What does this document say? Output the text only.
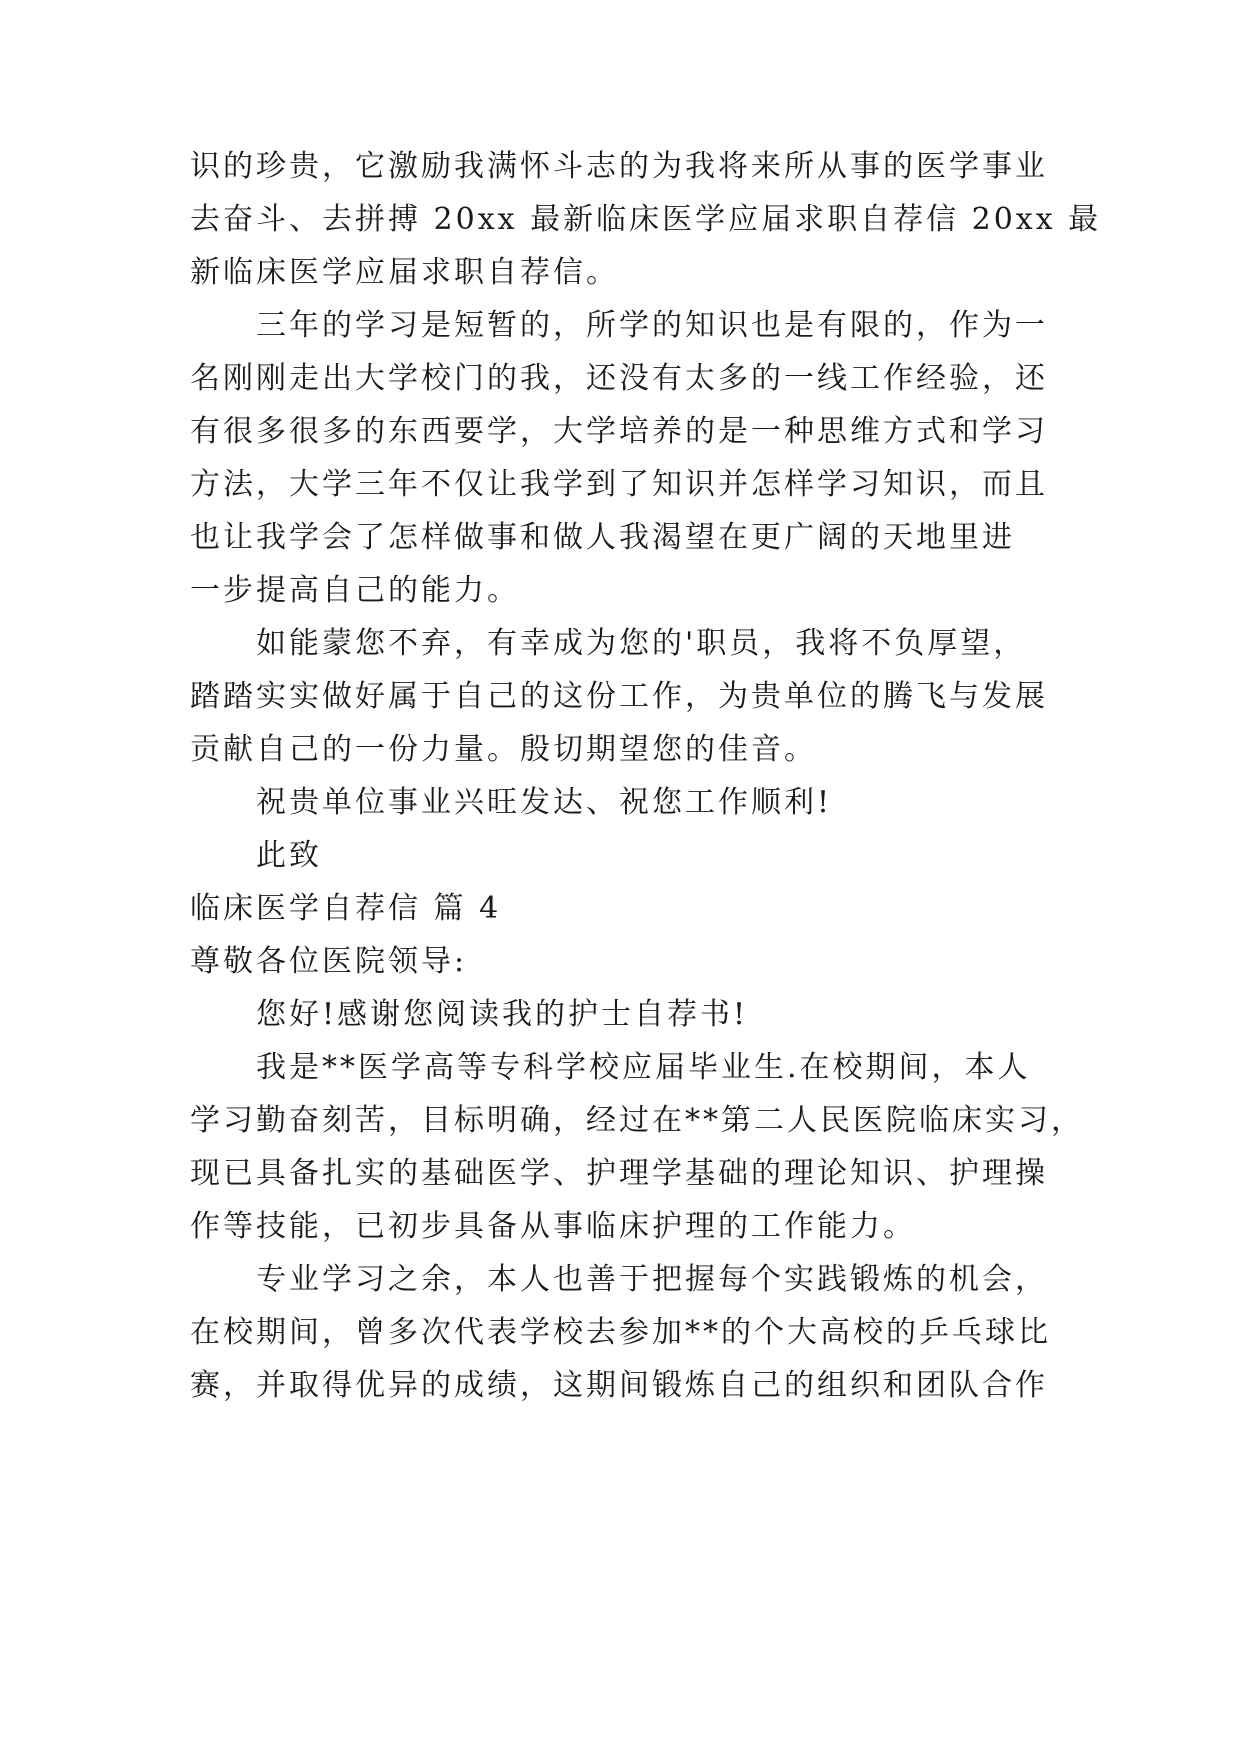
识的珍贵，它激励我满怀斗志的为我将来所从事的医学事业
去奋斗、去拼搏 20xx 最新临床医学应届求职自荐信 20xx 最
新临床医学应届求职自荐信。
三年的学习是短暂的，所学的知识也是有限的，作为一
名刚刚走出大学校门的我，还没有太多的一线工作经验，还
有很多很多的东西要学，大学培养的是一种思维方式和学习
方法，大学三年不仅让我学到了知识并怎样学习知识，而且
也让我学会了怎样做事和做人我渴望在更广阔的天地里进
一步提高自己的能力。
如能蒙您不弃，有幸成为您的'职员，我将不负厚望，
踏踏实实做好属于自己的这份工作，为贵单位的腾飞与发展
贡献自己的一份力量。殷切期望您的佳音。
祝贵单位事业兴旺发达、祝您工作顺利!
此致
临床医学自荐信 篇 4
尊敬各位医院领导:
您好!感谢您阅读我的护士自荐书!
我是**医学高等专科学校应届毕业生.在校期间，本人
学习勤奋刻苦，目标明确，经过在**第二人民医院临床实习，
现已具备扎实的基础医学、护理学基础的理论知识、护理操
作等技能，已初步具备从事临床护理的工作能力。
专业学习之余，本人也善于把握每个实践锻炼的机会，
在校期间，曾多次代表学校去参加**的个大高校的乒乓球比
赛，并取得优异的成绩，这期间锻炼自己的组织和团队合作
